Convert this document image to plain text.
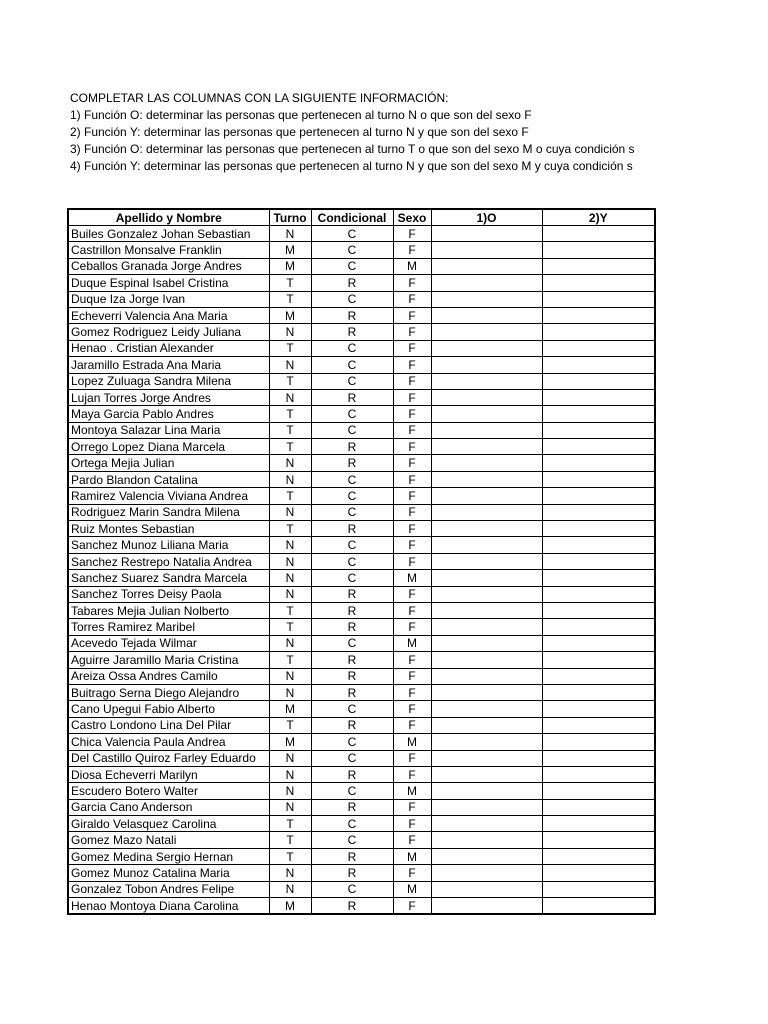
COMPLETAR LAS COLUMNAS CON LA SIGUIENTE INFORMACIÓN:
1) Función O: determinar las personas que pertenecen al turno N o que son del sexo F
2) Función Y: determinar las personas que pertenecen al turno N y que son del sexo F
3) Función O: determinar las personas que pertenecen al turno T o que son del sexo M o cuya condición s
4) Función Y: determinar las personas que pertenecen al turno N y que son del sexo M y cuya condición s
Apellido y Nombre	Turno	Condicional	Sexo	1)O	2)Y
Builes Gonzalez Johan Sebastian	N	C	F		
Castrillon Monsalve Franklin	M	C	F		
Ceballos Granada Jorge Andres	M	C	M		
Duque Espinal Isabel Cristina	T	R	F		
Duque Iza Jorge Ivan	T	C	F		
Echeverri Valencia Ana Maria	M	R	F		
Gomez Rodriguez Leidy Juliana	N	R	F		
Henao . Cristian Alexander	T	C	F		
Jaramillo Estrada Ana Maria	N	C	F		
Lopez Zuluaga Sandra Milena	T	C	F		
Lujan Torres Jorge Andres	N	R	F		
Maya Garcia Pablo Andres	T	C	F		
Montoya Salazar Lina Maria	T	C	F		
Orrego Lopez Diana Marcela	T	R	F		
Ortega Mejia Julian	N	R	F		
Pardo Blandon Catalina	N	C	F		
Ramirez Valencia Viviana Andrea	T	C	F		
Rodriguez Marin Sandra Milena	N	C	F		
Ruiz Montes Sebastian	T	R	F		
Sanchez Munoz Liliana Maria	N	C	F		
Sanchez Restrepo Natalia Andrea	N	C	F		
Sanchez Suarez Sandra Marcela	N	C	M		
Sanchez Torres Deisy Paola	N	R	F		
Tabares Mejia Julian Nolberto	T	R	F		
Torres Ramirez Maribel	T	R	F		
Acevedo Tejada Wilmar	N	C	M		
Aguirre Jaramillo Maria Cristina	T	R	F		
Areiza Ossa Andres Camilo	N	R	F		
Buitrago Serna Diego Alejandro	N	R	F		
Cano Upegui Fabio Alberto	M	C	F		
Castro Londono Lina Del Pilar	T	R	F		
Chica Valencia Paula Andrea	M	C	M		
Del Castillo Quiroz Farley Eduardo	N	C	F		
Diosa Echeverri Marilyn	N	R	F		
Escudero Botero Walter	N	C	M		
Garcia Cano Anderson	N	R	F		
Giraldo Velasquez Carolina	T	C	F		
Gomez Mazo Natali	T	C	F		
Gomez Medina Sergio Hernan	T	R	M		
Gomez Munoz Catalina Maria	N	R	F		
Gonzalez Tobon Andres Felipe	N	C	M		
Henao Montoya Diana Carolina	M	R	F		
